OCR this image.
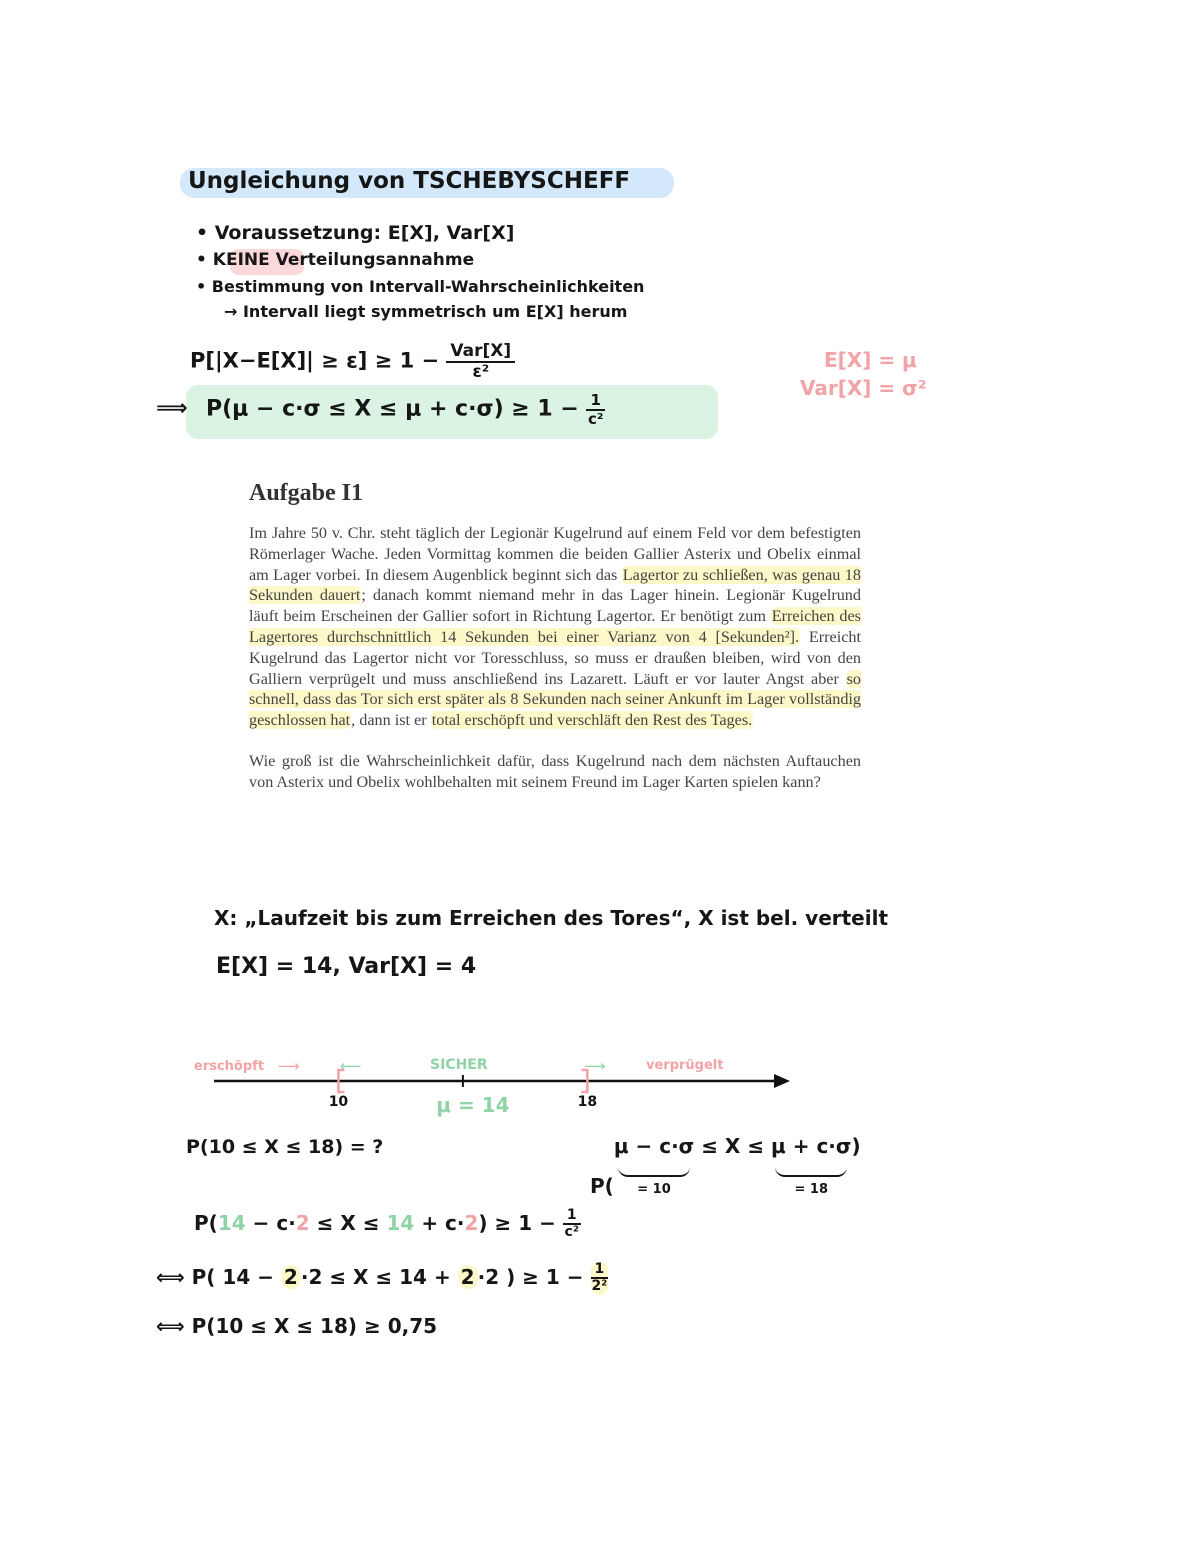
Ungleichung von TSCHEBYSCHEFF
• Voraussetzung: E[X], Var[X]
• KEINE Verteilungsannahme
• Bestimmung von Intervall-Wahrscheinlichkeiten
→ Intervall liegt symmetrisch um E[X] herum
$P[|X-E[X]| \ge \varepsilon] \ge 1 - \frac{\text{Var[X]}}{\text{ε²}}$	E[X] = μ
Var[X] = σ²
⟹ $P(\mu - c\cdot\sigma \le X \le \mu + c\cdot\sigma) \ge 1 - \frac{1}{\text{c²}}$
Aufgabe I1

Im Jahre 50 v. Chr. steht täglich der Legionär Kugelrund auf einem Feld vor dem befestigten Römerlager Wache. Jeden Vormittag kommen die beiden Gallier Asterix und Obelix einmal am Lager vorbei. In diesem Augenblick beginnt sich das Lagertor zu schließen, was genau 18 Sekunden dauert; danach kommt niemand mehr in das Lager hinein. Legionär Kugelrund läuft beim Erscheinen der Gallier sofort in Richtung Lagertor. Er benötigt zum Erreichen des Lagertores durchschnittlich 14 Sekunden bei einer Varianz von 4 [Sekunden²]. Erreicht Kugelrund das Lagertor nicht vor Toresschluss, so muss er draußen bleiben, wird von den Galliern verprügelt und muss anschließend ins Lazarett. Läuft er vor lauter Angst aber so schnell, dass das Tor sich erst später als 8 Sekunden nach seiner Ankunft im Lager vollständig geschlossen hat, dann ist er total erschöpft und verschläft den Rest des Tages.

Wie groß ist die Wahrscheinlichkeit dafür, dass Kugelrund nach dem nächsten Auftauchen von Asterix und Obelix wohlbehalten mit seinem Freund im Lager Karten spielen kann?

X: „Laufzeit bis zum Erreichen des Tores“, X ist bel. verteilt
E[X] = 14, Var[X] = 4
erschöpft ⟶	⟵	SICHER	⟶	verprügelt
10	18
μ = 14
P(10 ≤ X ≤ 18) = ?
P(
μ − c·σ
= 10
≤ X ≤ μ + c·σ
= 18
)
$P(14 - c\cdot 2 \le X \le 14 + c\cdot 2) \ge 1 - \frac{1}{\text{c²}}$
⟺ P( 14 − 2 ·2 ≤ X ≤ 14 + 2 ·2 ) ≥ $1 - \frac{1}{\text{2²}}$
⟺ P(10 ≤ X ≤ 18) ≥ 0,75
